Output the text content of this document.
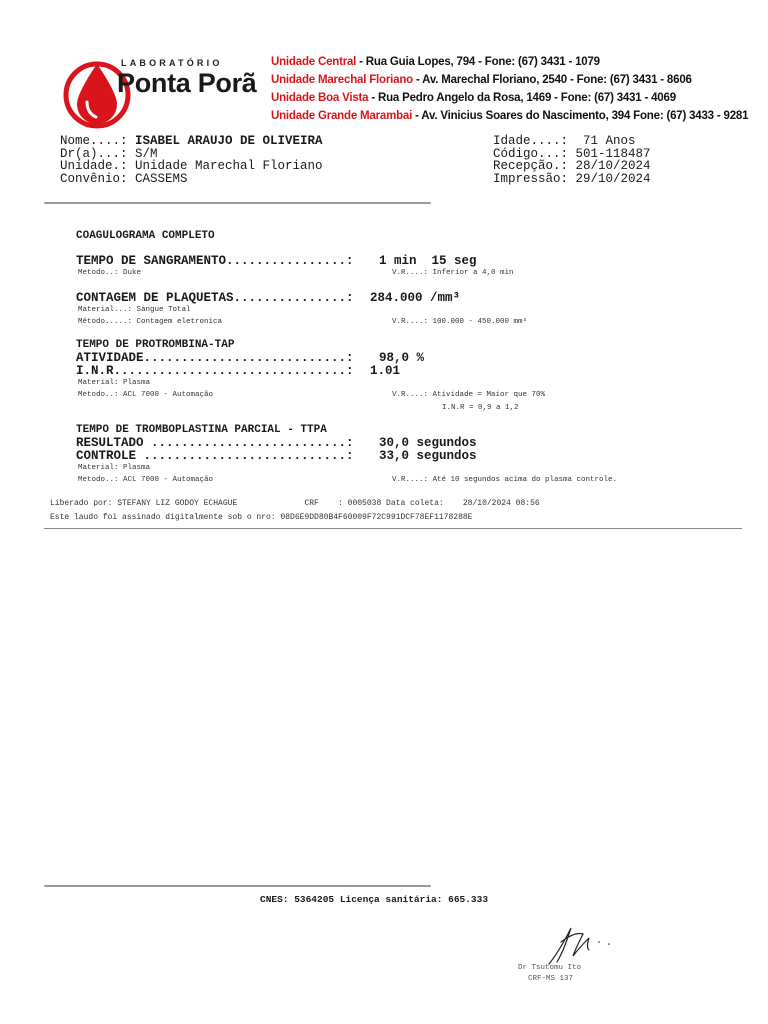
LABORATÓRIO
Ponta Porã

Unidade Central - Rua Guia Lopes, 794 - Fone: (67) 3431 - 1079

Unidade Marechal Floriano - Av. Marechal Floriano, 2540 - Fone: (67) 3431 - 8606

Unidade Boa Vista - Rua Pedro Angelo da Rosa, 1469 - Fone: (67) 3431 - 4069

Unidade Grande Marambai - Av. Vinicius Soares do Nascimento, 394 Fone: (67) 3433 - 9281

Nome....: ISABEL ARAUJO DE OLIVEIRA
Dr(a)...: S/M
Unidade.: Unidade Marechal Floriano
Convênio: CASSEMS
Idade....: 71 Anos
Código...: 501-118487
Recepção.: 28/10/2024
Impressão: 29/10/2024
===============================================================================================================================================
COAGULOGRAMA COMPLETO
TEMPO DE SANGRAMENTO................: 1 min  15 seg
Metodo..: Duke	V.R....: Inferior a 4,0 min
CONTAGEM DE PLAQUETAS...............: 284.000 /mm³
Material...: Sangue Total
Método.....: Contagem eletronica	V.R....: 100.000 - 450.000 mm³
TEMPO DE PROTROMBINA-TAP
ATIVIDADE...........................: 98,0 %
I.N.R...............................: 1.01
Material: Plasma
Metodo..: ACL 7000 - Automação	V.R....: Atividade = Maior que 70%
I.N.R = 0,9 a 1,2
TEMPO DE TROMBOPLASTINA PARCIAL - TTPA
RESULTADO ..........................: 30,0 segundos
CONTROLE ...........................: 33,0 segundos
Material: Plasma
Metodo..: ACL 7000 - Automação	V.R....: Até 10 segundos acima do plasma controle.
Liberado por: STEFANY LIZ GODOY ECHAGUE              CRF    : 0005038 Data coleta:    28/10/2024 08:56
Este laudo foi assinado digitalmente sob o nro: 08D6E9DD80B4F60009F72C991DCF78EF1178288E
===============================================================================================================================================
CNES: 5364205 Licença sanitária: 665.333

Dr Tsutomu Ito
CRF-MS 137
